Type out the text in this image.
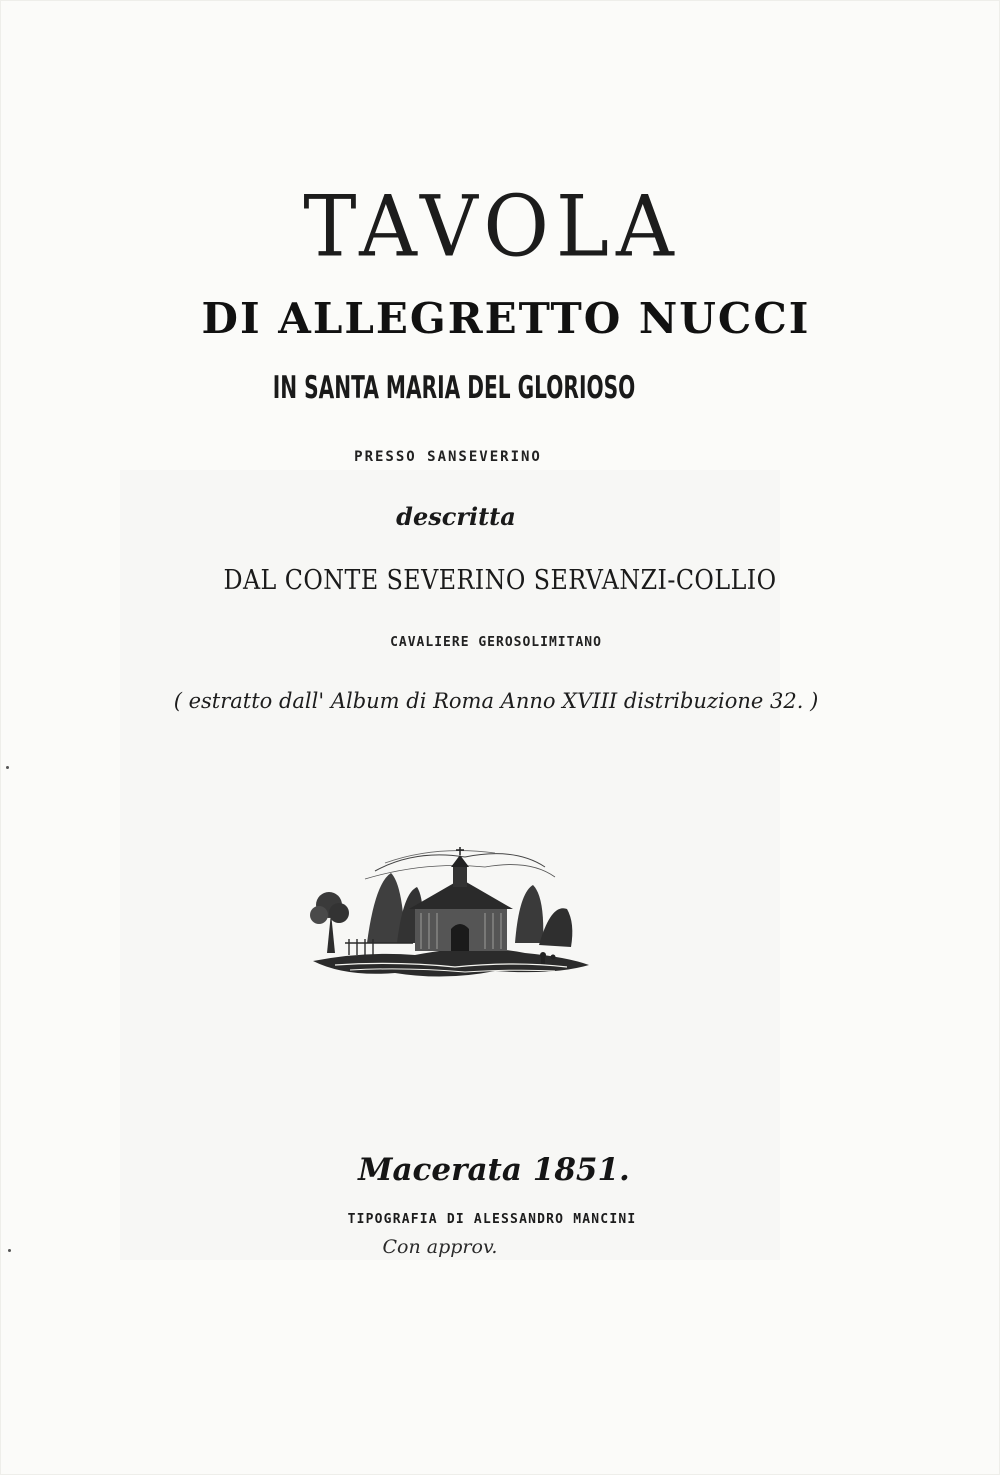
TAVOLA
DI ALLEGRETTO NUCCI
IN SANTA MARIA DEL GLORIOSO
PRESSO SANSEVERINO
descritta
DAL CONTE SEVERINO SERVANZI-COLLIO
CAVALIERE GEROSOLIMITANO
( estratto dall' Album di Roma Anno XVIII distribuzione 32. )
Macerata 1851.
TIPOGRAFIA DI ALESSANDRO MANCINI
Con approv.
